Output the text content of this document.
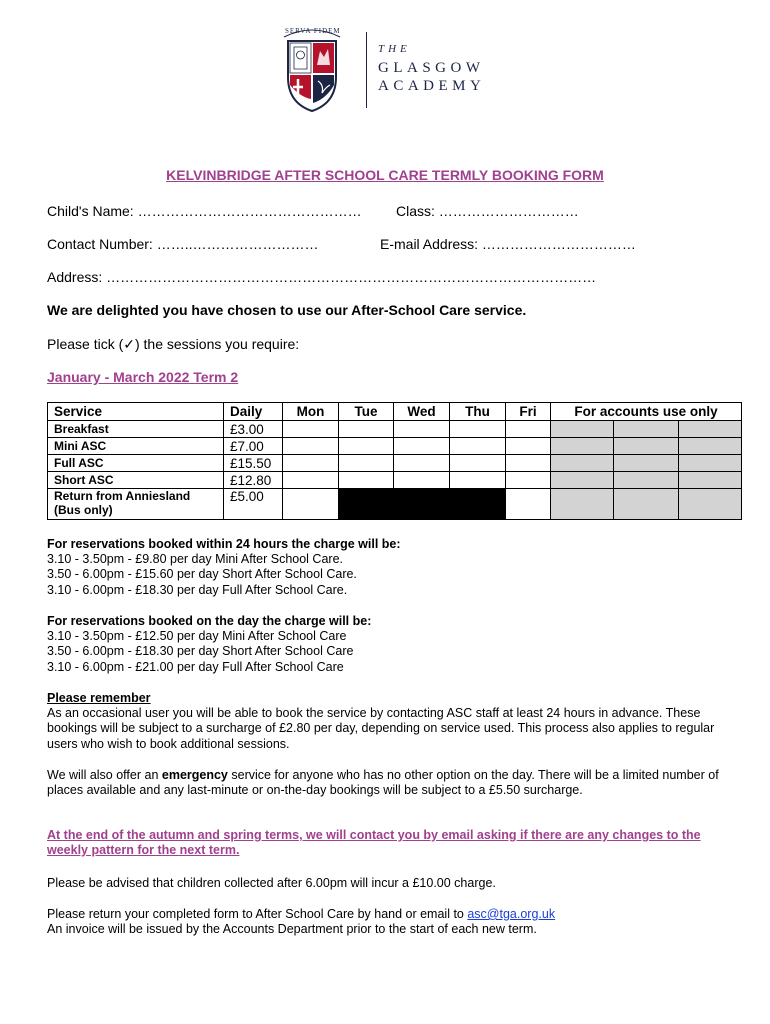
SERVA FIDEM
THE
GLASGOW
ACADEMY
KELVINBRIDGE AFTER SCHOOL CARE TERMLY BOOKING FORM
Child's Name: ………………………………………… Class: …………………………
Contact Number: ……..………………………	E-mail Address: ……………………………
Address: ……………………………………………………………………………………………
We are delighted you have chosen to use our After-School Care service.
Please tick (✓) the sessions you require:
January - March 2022 Term 2
Service	Daily	Mon	Tue	Wed	Thu	Fri	For accounts use only		
Breakfast	£3.00								
Mini ASC	£7.00								
Full ASC	£15.50								
Short ASC	£12.80								
Return from Anniesland
(Bus only)	£5.00								

For reservations booked within 24 hours the charge will be:

3.10 - 3.50pm - £9.80 per day Mini After School Care.

3.50 - 6.00pm - £15.60 per day Short After School Care.

3.10 - 6.00pm - £18.30 per day Full After School Care.

For reservations booked on the day the charge will be:

3.10 - 3.50pm - £12.50 per day Mini After School Care

3.50 - 6.00pm - £18.30 per day Short After School Care

3.10 - 6.00pm - £21.00 per day Full After School Care

Please remember

As an occasional user you will be able to book the service by contacting ASC staff at least 24 hours in advance. These bookings will be subject to a surcharge of £2.80 per day, depending on service used. This process also applies to regular users who wish to book additional sessions.

We will also offer an emergency service for anyone who has no other option on the day. There will be a limited number of places available and any last-minute or on-the-day bookings will be subject to a £5.50 surcharge.

At the end of the autumn and spring terms, we will contact you by email asking if there are any changes to the weekly pattern for the next term.
Please be advised that children collected after 6.00pm will incur a £10.00 charge.

Please return your completed form to After School Care by hand or email to asc@tga.org.uk

An invoice will be issued by the Accounts Department prior to the start of each new term.
